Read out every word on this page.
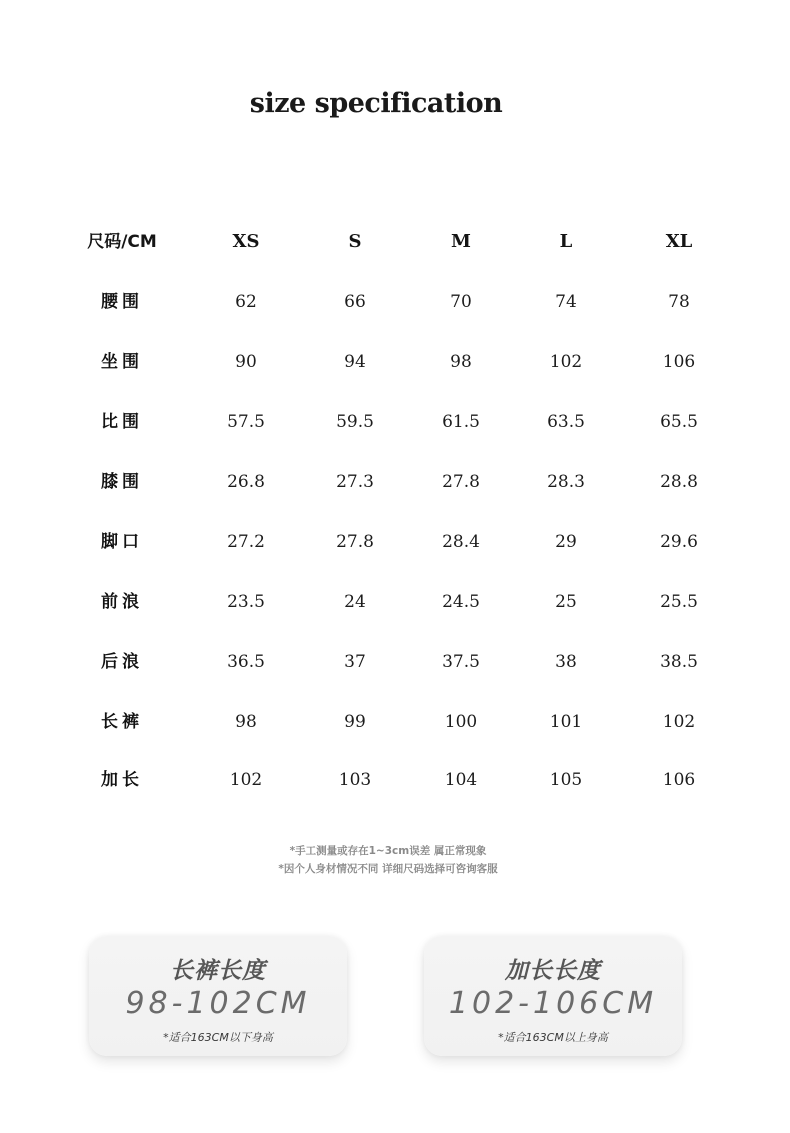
size specification
尺码/CM	XS	S	M	L	XL
腰围	62	66	70	74	78
坐围	90	94	98	102	106
比围	57.5	59.5	61.5	63.5	65.5
膝围	26.8	27.3	27.8	28.3	28.8
脚口	27.2	27.8	28.4	29	29.6
前浪	23.5	24	24.5	25	25.5
后浪	36.5	37	37.5	38	38.5
长裤	98	99	100	101	102
加长	102	103	104	105	106
*手工测量或存在1~3cm误差 属正常现象
*因个人身材情况不同 详细尺码选择可咨询客服
长裤长度
98-102CM
*适合163CM以下身高
加长长度
102-106CM
*适合163CM以上身高
